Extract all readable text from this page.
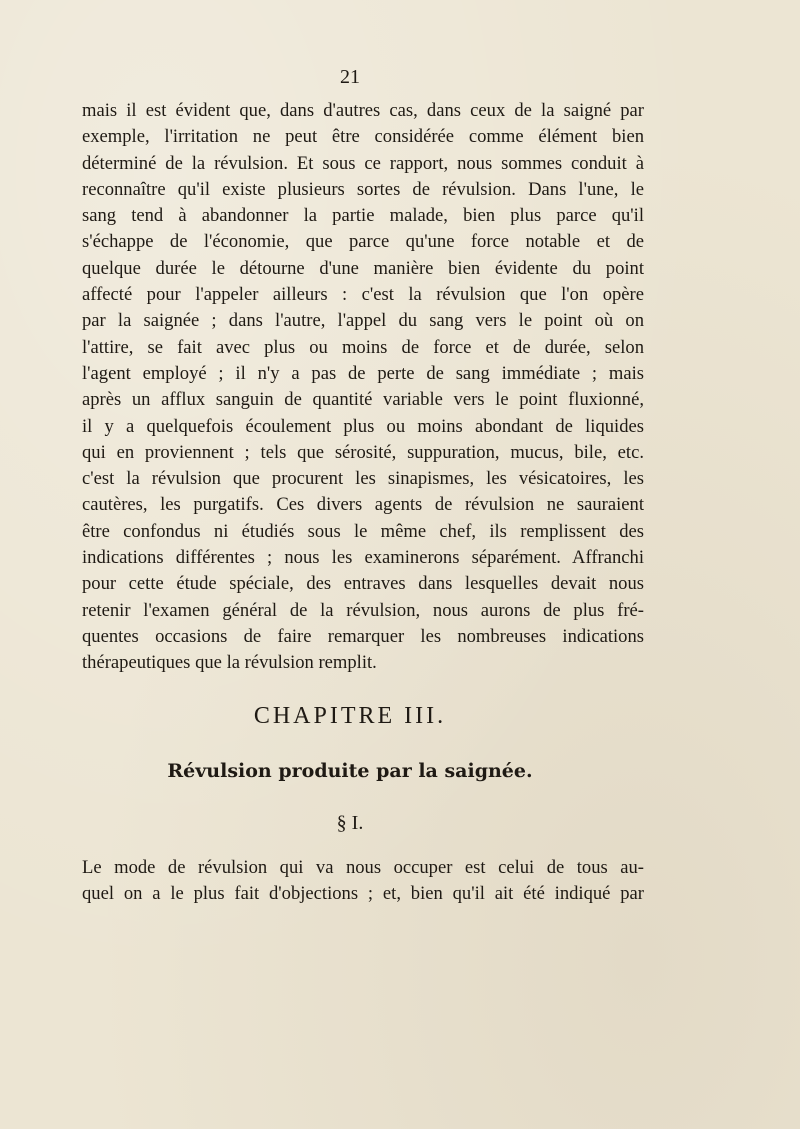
21
mais il est évident que, dans d'autres cas, dans ceux de la saigné par
exemple, l'irritation ne peut être considérée comme élément bien
déterminé de la révulsion. Et sous ce rapport, nous sommes conduit à
reconnaître qu'il existe plusieurs sortes de révulsion. Dans l'une, le
sang tend à abandonner la partie malade, bien plus parce qu'il
s'échappe de l'économie, que parce qu'une force notable et de
quelque durée le détourne d'une manière bien évidente du point
affecté pour l'appeler ailleurs : c'est la révulsion que l'on opère
par la saignée ; dans l'autre, l'appel du sang vers le point où on
l'attire, se fait avec plus ou moins de force et de durée, selon
l'agent employé ; il n'y a pas de perte de sang immédiate ; mais
après un afflux sanguin de quantité variable vers le point fluxionné,
il y a quelquefois écoulement plus ou moins abondant de liquides
qui en proviennent ; tels que sérosité, suppuration, mucus, bile, etc.
c'est la révulsion que procurent les sinapismes, les vésicatoires, les
cautères, les purgatifs. Ces divers agents de révulsion ne sauraient
être confondus ni étudiés sous le même chef, ils remplissent des
indications différentes ; nous les examinerons séparément. Affranchi
pour cette étude spéciale, des entraves dans lesquelles devait nous
retenir l'examen général de la révulsion, nous aurons de plus fré-
quentes occasions de faire remarquer les nombreuses indications
thérapeutiques que la révulsion remplit.
CHAPITRE III.
Révulsion produite par la saignée.
§ I.
Le mode de révulsion qui va nous occuper est celui de tous au-
quel on a le plus fait d'objections ; et, bien qu'il ait été indiqué par
